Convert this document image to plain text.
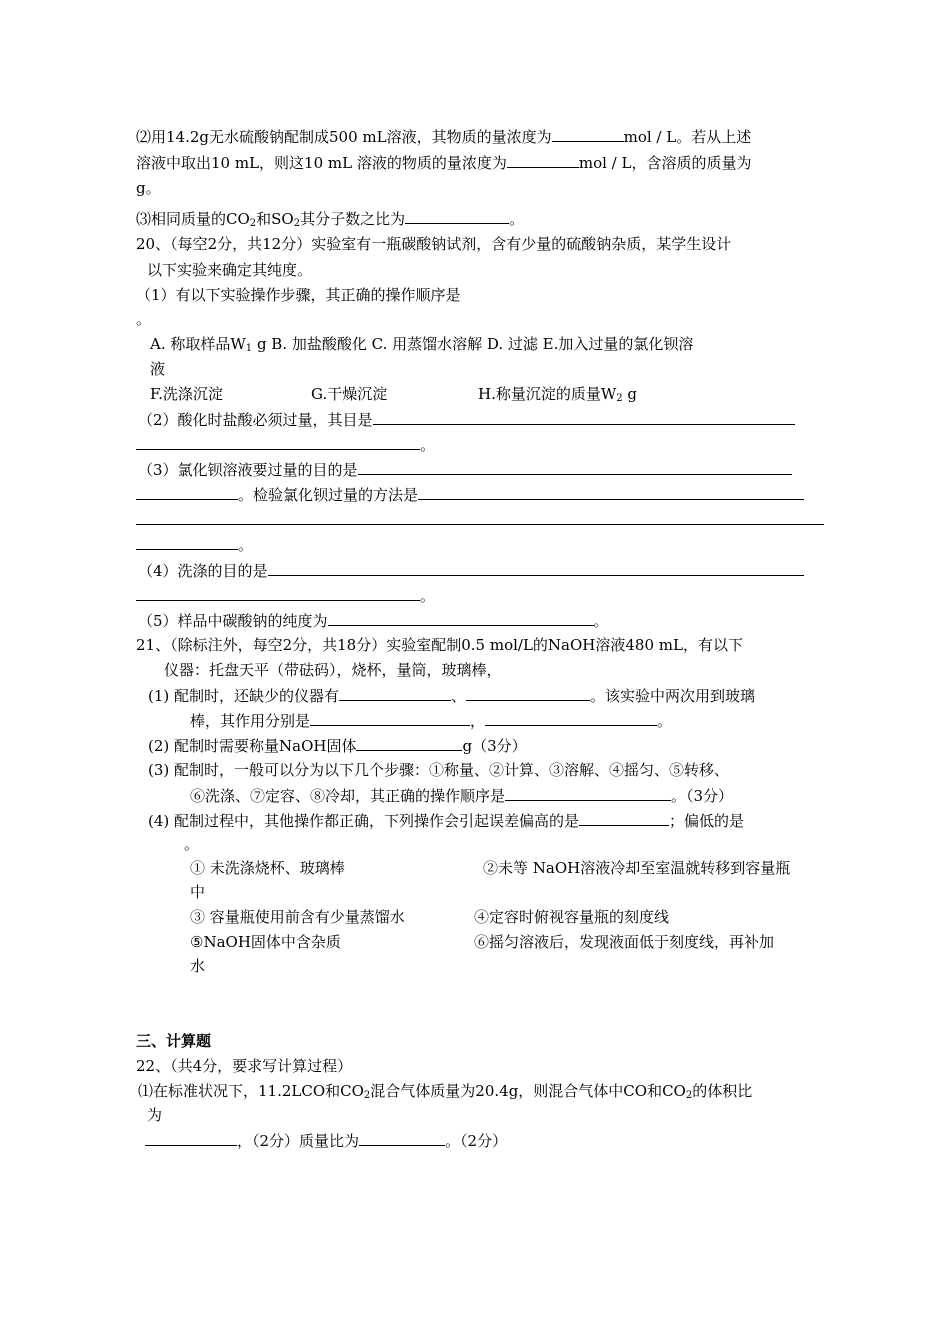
⑵用14.2g无水硫酸钠配制成500 mL溶液，其物质的量浓度为	mol / L。若从上述
溶液中取出10 mL，则这10 mL 溶液的物质的量浓度为	mol / L，含溶质的质量为
g。
⑶相同质量的$CO_2$和$SO_2$其分子数之比为	。
20、（每空2分，共12分）实验室有一瓶碳酸钠试剂，含有少量的硫酸钠杂质，某学生设计
以下实验来确定其纯度。
（1）有以下实验操作步骤，其正确的操作顺序是
。
A. 称取样品$W_1$ g B. 加盐酸酸化 C. 用蒸馏水溶解 D. 过滤 E.加入过量的氯化钡溶
液
F.洗涤沉淀	G.干燥沉淀	H.称量沉淀的质量$W_2$ g
（2）酸化时盐酸必须过量，其目是
。
（3）氯化钡溶液要过量的目的是
。检验氯化钡过量的方法是
。
（4）洗涤的目的是
。
（5）样品中碳酸钠的纯度为	。
21、（除标注外，每空2分，共18分）实验室配制0.5 mol/L的NaOH溶液480 mL，有以下
仪器：托盘天平（带砝码），烧杯，量筒，玻璃棒，
(1) 配制时，还缺少的仪器有	、	。该实验中两次用到玻璃
棒，其作用分别是	，	。
(2) 配制时需要称量NaOH固体	g（3分）
(3) 配制时，一般可以分为以下几个步骤：①称量、②计算、③溶解、④摇匀、⑤转移、
⑥洗涤、⑦定容、⑧冷却，其正确的操作顺序是	。（3分）
(4) 配制过程中，其他操作都正确，下列操作会引起误差偏高的是	；偏低的是
。
① 未洗涤烧杯、玻璃棒	②未等 NaOH溶液冷却至室温就转移到容量瓶
中
③ 容量瓶使用前含有少量蒸馏水	④定容时俯视容量瓶的刻度线
⑤NaOH固体中含杂质	⑥摇匀溶液后，发现液面低于刻度线，再补加
水
三、计算题
22、（共4分，要求写计算过程）
⑴在标准状况下，11.2LCO和$CO_2$混合气体质量为20.4g，则混合气体中CO和$CO_2$的体积比
为
，（2分）质量比为	。（2分）
